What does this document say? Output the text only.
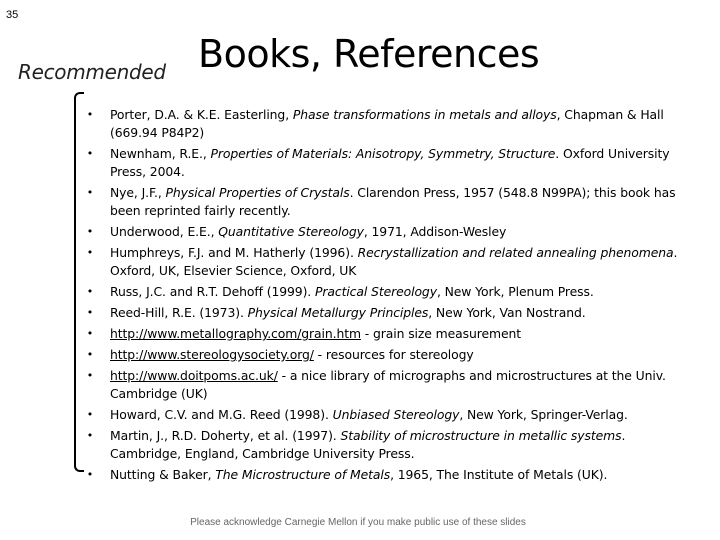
35
Recommended Books, References
• Porter, D.A. & K.E. Easterling, Phase transformations in metals and alloys, Chapman & Hall (669.94 P84P2)
• Newnham, R.E., Properties of Materials: Anisotropy, Symmetry, Structure. Oxford University Press, 2004.
• Nye, J.F., Physical Properties of Crystals. Clarendon Press, 1957 (548.8 N99PA); this book has been reprinted fairly recently.
• Underwood, E.E., Quantitative Stereology, 1971, Addison-Wesley
• Humphreys, F.J. and M. Hatherly (1996). Recrystallization and related annealing phenomena. Oxford, UK, Elsevier Science, Oxford, UK
• Russ, J.C. and R.T. Dehoff (1999). Practical Stereology, New York, Plenum Press.
• Reed-Hill, R.E. (1973). Physical Metallurgy Principles, New York, Van Nostrand.
• http://www.metallography.com/grain.htm - grain size measurement
• http://www.stereologysociety.org/ - resources for stereology
• http://www.doitpoms.ac.uk/ - a nice library of micrographs and microstructures at the Univ. Cambridge (UK)
• Howard, C.V. and M.G. Reed (1998). Unbiased Stereology, New York, Springer-Verlag.
• Martin, J., R.D. Doherty, et al. (1997). Stability of microstructure in metallic systems. Cambridge, England, Cambridge University Press.
• Nutting & Baker, The Microstructure of Metals, 1965, The Institute of Metals (UK).
Please acknowledge Carnegie Mellon if you make public use of these slides
